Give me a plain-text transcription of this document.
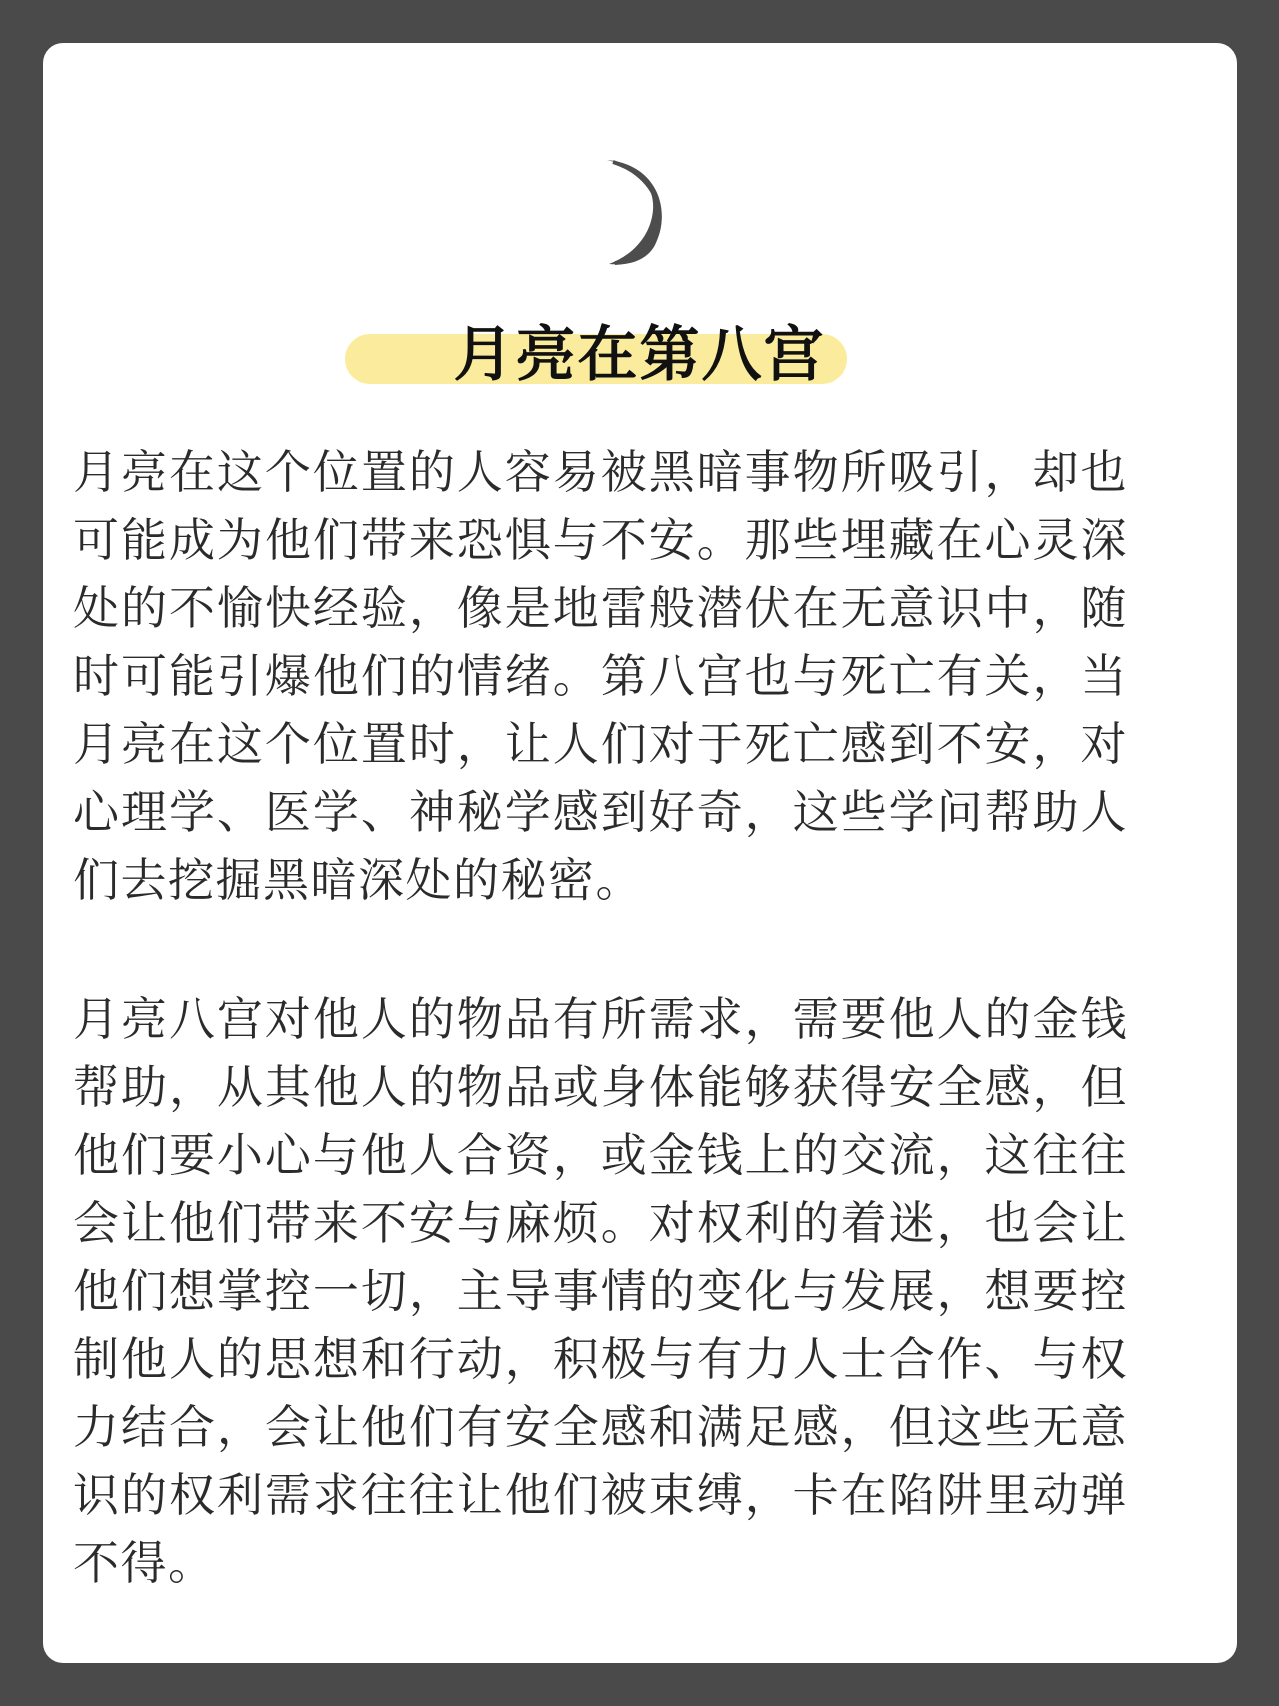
月亮在第八宫

月亮在这个位置的人容易被黑暗事物所吸引，却也可能成为他们带来恐惧与不安。那些埋藏在心灵深处的不愉快经验，像是地雷般潜伏在无意识中，随时可能引爆他们的情绪。第八宫也与死亡有关，当月亮在这个位置时，让人们对于死亡感到不安，对心理学、医学、神秘学感到好奇，这些学问帮助人们去挖掘黑暗深处的秘密。

月亮八宫对他人的物品有所需求，需要他人的金钱帮助，从其他人的物品或身体能够获得安全感，但他们要小心与他人合资，或金钱上的交流，这往往会让他们带来不安与麻烦。对权利的着迷，也会让他们想掌控一切，主导事情的变化与发展，想要控制他人的思想和行动，积极与有力人士合作、与权力结合，会让他们有安全感和满足感，但这些无意识的权利需求往往让他们被束缚，卡在陷阱里动弹不得。
